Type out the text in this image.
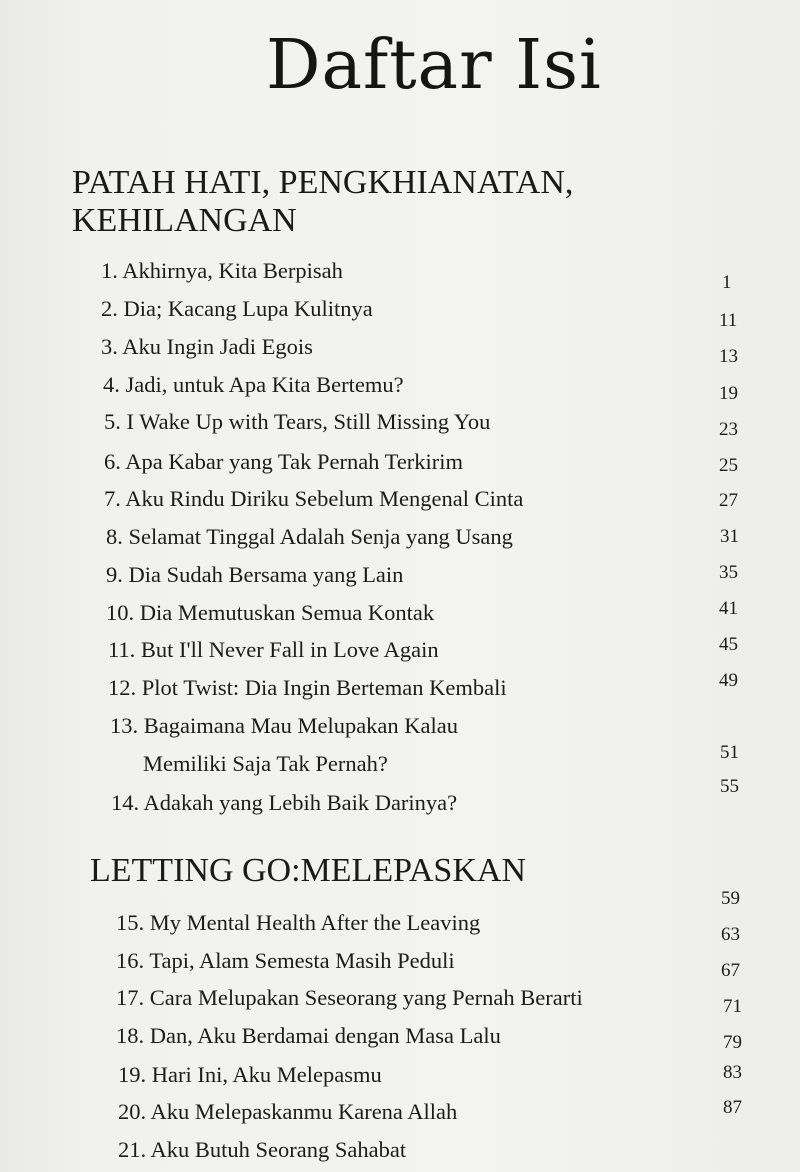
Daftar Isi
PATAH HATI, PENGKHIANATAN,
KEHILANGAN
1. Akhirnya, Kita Berpisah
2. Dia; Kacang Lupa Kulitnya
3. Aku Ingin Jadi Egois
4. Jadi, untuk Apa Kita Bertemu?
5. I Wake Up with Tears, Still Missing You
6. Apa Kabar yang Tak Pernah Terkirim
7. Aku Rindu Diriku Sebelum Mengenal Cinta
8. Selamat Tinggal Adalah Senja yang Usang
9. Dia Sudah Bersama yang Lain
10. Dia Memutuskan Semua Kontak
11. But I'll Never Fall in Love Again
12. Plot Twist: Dia Ingin Berteman Kembali
13. Bagaimana Mau Melupakan Kalau
Memiliki Saja Tak Pernah?
14. Adakah yang Lebih Baik Darinya?
LETTING GO:MELEPASKAN
15. My Mental Health After the Leaving
16. Tapi, Alam Semesta Masih Peduli
17. Cara Melupakan Seseorang yang Pernah Berarti
18. Dan, Aku Berdamai dengan Masa Lalu
19. Hari Ini, Aku Melepasmu
20. Aku Melepaskanmu Karena Allah
21. Aku Butuh Seorang Sahabat
1
11
13
19
23
25
27
31
35
41
45
49
51
55
59
63
67
71
79
83
87
